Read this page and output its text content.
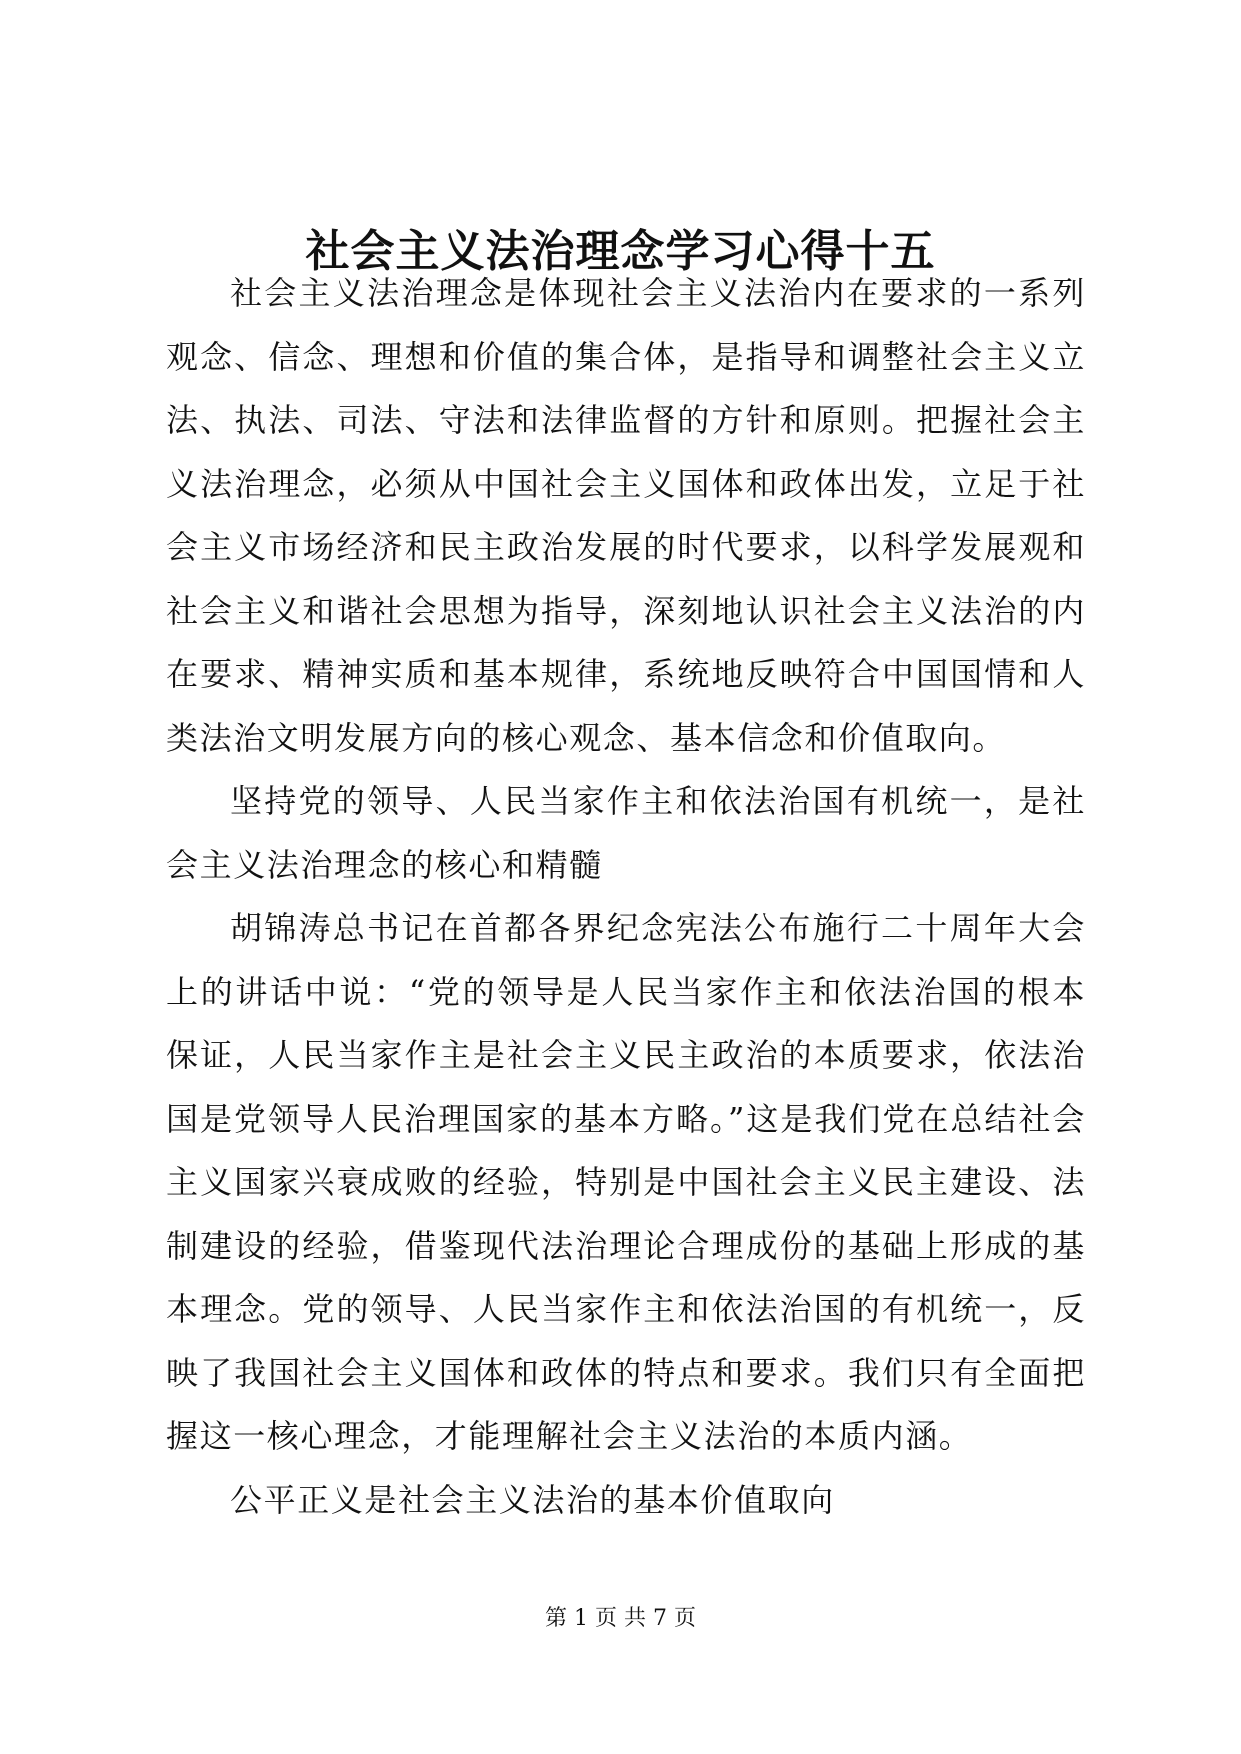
社会主义法治理念学习心得十五

社会主义法治理念是体现社会主义法治内在要求的一系列观念、信念、理想和价值的集合体，是指导和调整社会主义立法、执法、司法、守法和法律监督的方针和原则。把握社会主义法治理念，必须从中国社会主义国体和政体出发，立足于社会主义市场经济和民主政治发展的时代要求，以科学发展观和社会主义和谐社会思想为指导，深刻地认识社会主义法治的内在要求、精神实质和基本规律，系统地反映符合中国国情和人类法治文明发展方向的核心观念、基本信念和价值取向。

坚持党的领导、人民当家作主和依法治国有机统一，是社会主义法治理念的核心和精髓

胡锦涛总书记在首都各界纪念宪法公布施行二十周年大会上的讲话中说：“党的领导是人民当家作主和依法治国的根本保证，人民当家作主是社会主义民主政治的本质要求，依法治国是党领导人民治理国家的基本方略。”这是我们党在总结社会主义国家兴衰成败的经验，特别是中国社会主义民主建设、法制建设的经验，借鉴现代法治理论合理成份的基础上形成的基本理念。党的领导、人民当家作主和依法治国的有机统一，反映了我国社会主义国体和政体的特点和要求。我们只有全面把握这一核心理念，才能理解社会主义法治的本质内涵。

公平正义是社会主义法治的基本价值取向

第 1 页 共 7 页
